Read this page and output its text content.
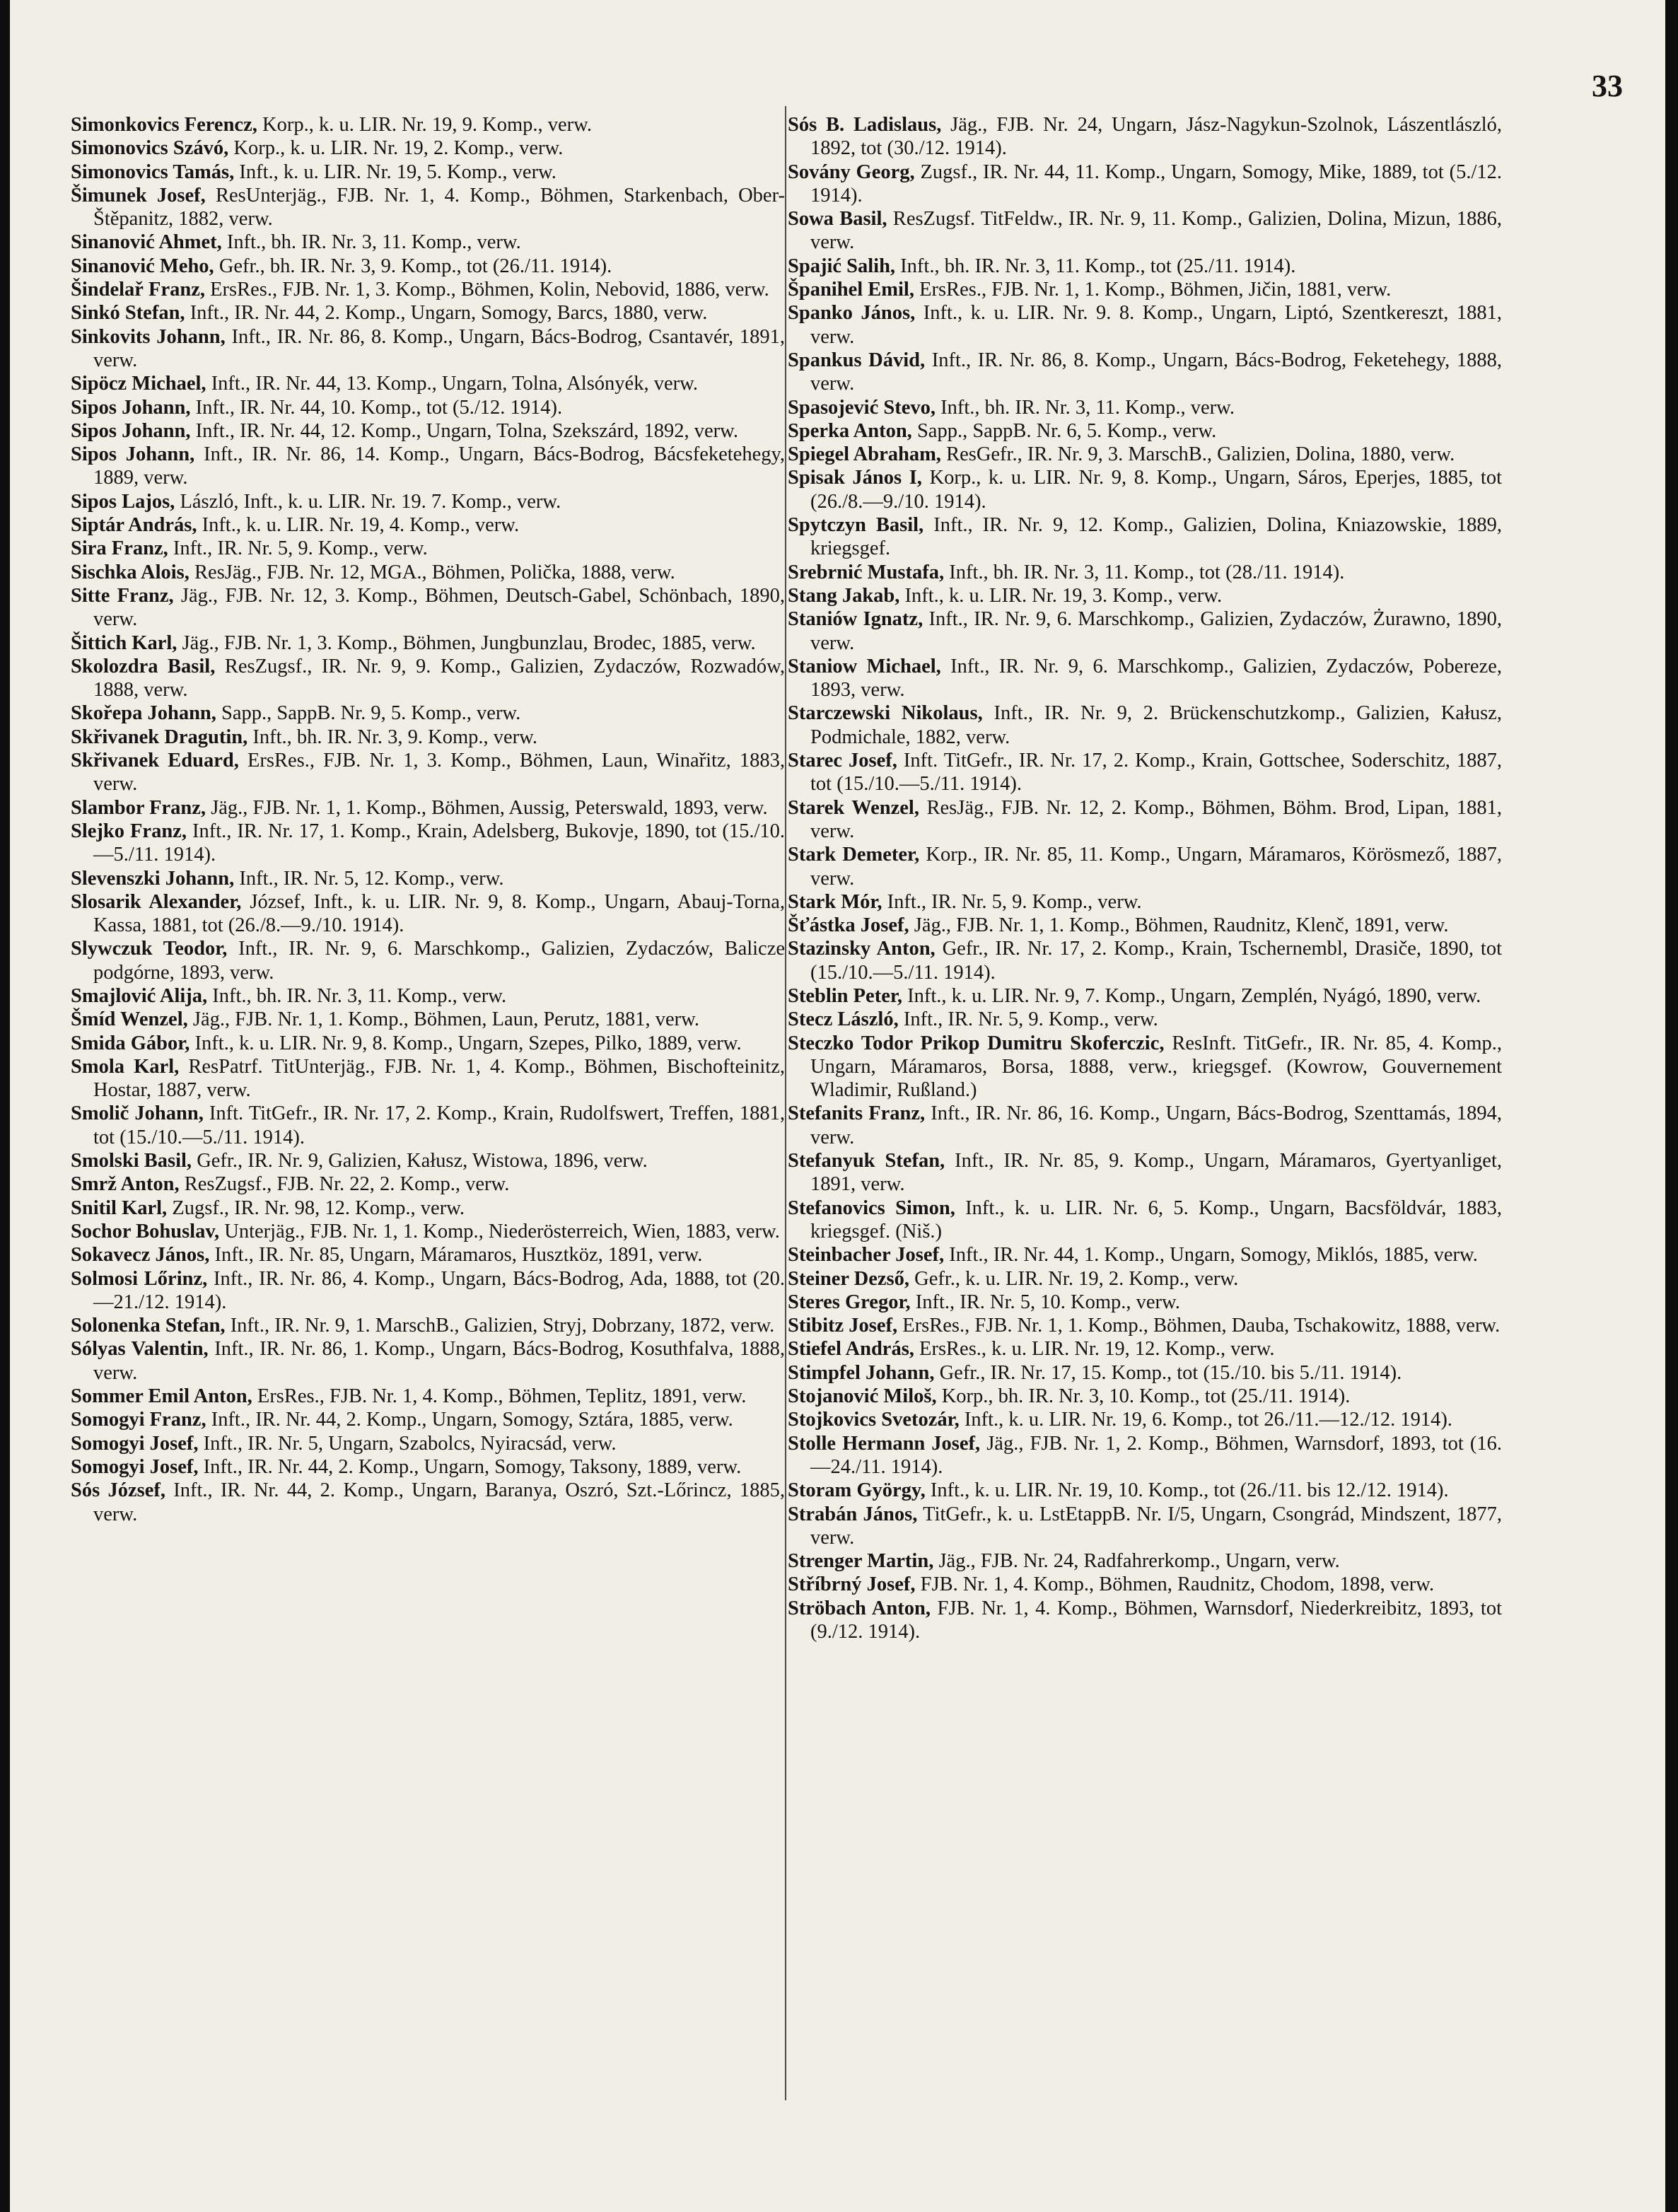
33
Simonkovics Ferencz, Korp., k. u. LIR. Nr. 19, 9. Komp., verw.
Simonovics Szávó, Korp., k. u. LIR. Nr. 19, 2. Komp., verw.
Simonovics Tamás, Inft., k. u. LIR. Nr. 19, 5. Komp., verw.
Šimunek Josef, ResUnterjäg., FJB. Nr. 1, 4. Komp., Böhmen, Starkenbach, Ober-Štěpanitz, 1882, verw.
Sinanović Ahmet, Inft., bh. IR. Nr. 3, 11. Komp., verw.
Sinanović Meho, Gefr., bh. IR. Nr. 3, 9. Komp., tot (26./11. 1914).
Šindelař Franz, ErsRes., FJB. Nr. 1, 3. Komp., Böhmen, Kolin, Nebovid, 1886, verw.
Sinkó Stefan, Inft., IR. Nr. 44, 2. Komp., Ungarn, Somogy, Barcs, 1880, verw.
Sinkovits Johann, Inft., IR. Nr. 86, 8. Komp., Ungarn, Bács-Bodrog, Csantavér, 1891, verw.
Sipöcz Michael, Inft., IR. Nr. 44, 13. Komp., Ungarn, Tolna, Alsónyék, verw.
Sipos Johann, Inft., IR. Nr. 44, 10. Komp., tot (5./12. 1914).
Sipos Johann, Inft., IR. Nr. 44, 12. Komp., Ungarn, Tolna, Szekszárd, 1892, verw.
Sipos Johann, Inft., IR. Nr. 86, 14. Komp., Ungarn, Bács-Bodrog, Bácsfeketehegy, 1889, verw.
Sipos Lajos, László, Inft., k. u. LIR. Nr. 19. 7. Komp., verw.
Siptár András, Inft., k. u. LIR. Nr. 19, 4. Komp., verw.
Sira Franz, Inft., IR. Nr. 5, 9. Komp., verw.
Sischka Alois, ResJäg., FJB. Nr. 12, MGA., Böhmen, Polička, 1888, verw.
Sitte Franz, Jäg., FJB. Nr. 12, 3. Komp., Böhmen, Deutsch-Gabel, Schönbach, 1890, verw.
Šittich Karl, Jäg., FJB. Nr. 1, 3. Komp., Böhmen, Jungbunzlau, Brodec, 1885, verw.
Skolozdra Basil, ResZugsf., IR. Nr. 9, 9. Komp., Galizien, Zydaczów, Rozwadów, 1888, verw.
Skořepa Johann, Sapp., SappB. Nr. 9, 5. Komp., verw.
Skřivanek Dragutin, Inft., bh. IR. Nr. 3, 9. Komp., verw.
Skřivanek Eduard, ErsRes., FJB. Nr. 1, 3. Komp., Böhmen, Laun, Winařitz, 1883, verw.
Slambor Franz, Jäg., FJB. Nr. 1, 1. Komp., Böhmen, Aussig, Peterswald, 1893, verw.
Slejko Franz, Inft., IR. Nr. 17, 1. Komp., Krain, Adelsberg, Bukovje, 1890, tot (15./10.—5./11. 1914).
Slevenszki Johann, Inft., IR. Nr. 5, 12. Komp., verw.
Slosarik Alexander, József, Inft., k. u. LIR. Nr. 9, 8. Komp., Ungarn, Abauj-Torna, Kassa, 1881, tot (26./8.—9./10. 1914).
Slywczuk Teodor, Inft., IR. Nr. 9, 6. Marschkomp., Galizien, Zydaczów, Balicze podgórne, 1893, verw.
Smajlović Alija, Inft., bh. IR. Nr. 3, 11. Komp., verw.
Šmíd Wenzel, Jäg., FJB. Nr. 1, 1. Komp., Böhmen, Laun, Perutz, 1881, verw.
Smida Gábor, Inft., k. u. LIR. Nr. 9, 8. Komp., Ungarn, Szepes, Pilko, 1889, verw.
Smola Karl, ResPatrf. TitUnterjäg., FJB. Nr. 1, 4. Komp., Böhmen, Bischofteinitz, Hostar, 1887, verw.
Smolič Johann, Inft. TitGefr., IR. Nr. 17, 2. Komp., Krain, Rudolfswert, Treffen, 1881, tot (15./10.—5./11. 1914).
Smolski Basil, Gefr., IR. Nr. 9, Galizien, Kałusz, Wistowa, 1896, verw.
Smrž Anton, ResZugsf., FJB. Nr. 22, 2. Komp., verw.
Snitil Karl, Zugsf., IR. Nr. 98, 12. Komp., verw.
Sochor Bohuslav, Unterjäg., FJB. Nr. 1, 1. Komp., Niederösterreich, Wien, 1883, verw.
Sokavecz János, Inft., IR. Nr. 85, Ungarn, Máramaros, Husztköz, 1891, verw.
Solmosi Lőrinz, Inft., IR. Nr. 86, 4. Komp., Ungarn, Bács-Bodrog, Ada, 1888, tot (20.—21./12. 1914).
Solonenka Stefan, Inft., IR. Nr. 9, 1. MarschB., Galizien, Stryj, Dobrzany, 1872, verw.
Sólyas Valentin, Inft., IR. Nr. 86, 1. Komp., Ungarn, Bács-Bodrog, Kosuthfalva, 1888, verw.
Sommer Emil Anton, ErsRes., FJB. Nr. 1, 4. Komp., Böhmen, Teplitz, 1891, verw.
Somogyi Franz, Inft., IR. Nr. 44, 2. Komp., Ungarn, Somogy, Sztára, 1885, verw.
Somogyi Josef, Inft., IR. Nr. 5, Ungarn, Szabolcs, Nyiracsád, verw.
Somogyi Josef, Inft., IR. Nr. 44, 2. Komp., Ungarn, Somogy, Taksony, 1889, verw.
Sós József, Inft., IR. Nr. 44, 2. Komp., Ungarn, Baranya, Oszró, Szt.-Lőrincz, 1885, verw.
Sós B. Ladislaus, Jäg., FJB. Nr. 24, Ungarn, Jász-Nagykun-Szolnok, Lászentlászló, 1892, tot (30./12. 1914).
Sovány Georg, Zugsf., IR. Nr. 44, 11. Komp., Ungarn, Somogy, Mike, 1889, tot (5./12. 1914).
Sowa Basil, ResZugsf. TitFeldw., IR. Nr. 9, 11. Komp., Galizien, Dolina, Mizun, 1886, verw.
Spajić Salih, Inft., bh. IR. Nr. 3, 11. Komp., tot (25./11. 1914).
Španihel Emil, ErsRes., FJB. Nr. 1, 1. Komp., Böhmen, Jičin, 1881, verw.
Spanko János, Inft., k. u. LIR. Nr. 9. 8. Komp., Ungarn, Liptó, Szentkereszt, 1881, verw.
Spankus Dávid, Inft., IR. Nr. 86, 8. Komp., Ungarn, Bács-Bodrog, Feketehegy, 1888, verw.
Spasojević Stevo, Inft., bh. IR. Nr. 3, 11. Komp., verw.
Sperka Anton, Sapp., SappB. Nr. 6, 5. Komp., verw.
Spiegel Abraham, ResGefr., IR. Nr. 9, 3. MarschB., Galizien, Dolina, 1880, verw.
Spisak János I, Korp., k. u. LIR. Nr. 9, 8. Komp., Ungarn, Sáros, Eperjes, 1885, tot (26./8.—9./10. 1914).
Spytczyn Basil, Inft., IR. Nr. 9, 12. Komp., Galizien, Dolina, Kniazowskie, 1889, kriegsgef.
Srebrnić Mustafa, Inft., bh. IR. Nr. 3, 11. Komp., tot (28./11. 1914).
Stang Jakab, Inft., k. u. LIR. Nr. 19, 3. Komp., verw.
Staniów Ignatz, Inft., IR. Nr. 9, 6. Marschkomp., Galizien, Zydaczów, Żurawno, 1890, verw.
Staniow Michael, Inft., IR. Nr. 9, 6. Marschkomp., Galizien, Zydaczów, Pobereze, 1893, verw.
Starczewski Nikolaus, Inft., IR. Nr. 9, 2. Brückenschutzkomp., Galizien, Kałusz, Podmichale, 1882, verw.
Starec Josef, Inft. TitGefr., IR. Nr. 17, 2. Komp., Krain, Gottschee, Soderschitz, 1887, tot (15./10.—5./11. 1914).
Starek Wenzel, ResJäg., FJB. Nr. 12, 2. Komp., Böhmen, Böhm. Brod, Lipan, 1881, verw.
Stark Demeter, Korp., IR. Nr. 85, 11. Komp., Ungarn, Máramaros, Körösmező, 1887, verw.
Stark Mór, Inft., IR. Nr. 5, 9. Komp., verw.
Šťástka Josef, Jäg., FJB. Nr. 1, 1. Komp., Böhmen, Raudnitz, Klenč, 1891, verw.
Stazinsky Anton, Gefr., IR. Nr. 17, 2. Komp., Krain, Tschernembl, Drasiče, 1890, tot (15./10.—5./11. 1914).
Steblin Peter, Inft., k. u. LIR. Nr. 9, 7. Komp., Ungarn, Zemplén, Nyágó, 1890, verw.
Stecz László, Inft., IR. Nr. 5, 9. Komp., verw.
Steczko Todor Prikop Dumitru Skoferczic, ResInft. TitGefr., IR. Nr. 85, 4. Komp., Ungarn, Máramaros, Borsa, 1888, verw., kriegsgef. (Kowrow, Gouvernement Wladimir, Rußland.)
Stefanits Franz, Inft., IR. Nr. 86, 16. Komp., Ungarn, Bács-Bodrog, Szenttamás, 1894, verw.
Stefanyuk Stefan, Inft., IR. Nr. 85, 9. Komp., Ungarn, Máramaros, Gyertyanliget, 1891, verw.
Stefanovics Simon, Inft., k. u. LIR. Nr. 6, 5. Komp., Ungarn, Bacsföldvár, 1883, kriegsgef. (Niš.)
Steinbacher Josef, Inft., IR. Nr. 44, 1. Komp., Ungarn, Somogy, Miklós, 1885, verw.
Steiner Dezső, Gefr., k. u. LIR. Nr. 19, 2. Komp., verw.
Steres Gregor, Inft., IR. Nr. 5, 10. Komp., verw.
Stibitz Josef, ErsRes., FJB. Nr. 1, 1. Komp., Böhmen, Dauba, Tschakowitz, 1888, verw.
Stiefel András, ErsRes., k. u. LIR. Nr. 19, 12. Komp., verw.
Stimpfel Johann, Gefr., IR. Nr. 17, 15. Komp., tot (15./10. bis 5./11. 1914).
Stojanović Miloš, Korp., bh. IR. Nr. 3, 10. Komp., tot (25./11. 1914).
Stojkovics Svetozár, Inft., k. u. LIR. Nr. 19, 6. Komp., tot 26./11.—12./12. 1914).
Stolle Hermann Josef, Jäg., FJB. Nr. 1, 2. Komp., Böhmen, Warnsdorf, 1893, tot (16.—24./11. 1914).
Storam György, Inft., k. u. LIR. Nr. 19, 10. Komp., tot (26./11. bis 12./12. 1914).
Strabán János, TitGefr., k. u. LstEtappB. Nr. I/5, Ungarn, Csongrád, Mindszent, 1877, verw.
Strenger Martin, Jäg., FJB. Nr. 24, Radfahrerkomp., Ungarn, verw.
Stříbrný Josef, FJB. Nr. 1, 4. Komp., Böhmen, Raudnitz, Chodom, 1898, verw.
Ströbach Anton, FJB. Nr. 1, 4. Komp., Böhmen, Warnsdorf, Niederkreibitz, 1893, tot (9./12. 1914).
